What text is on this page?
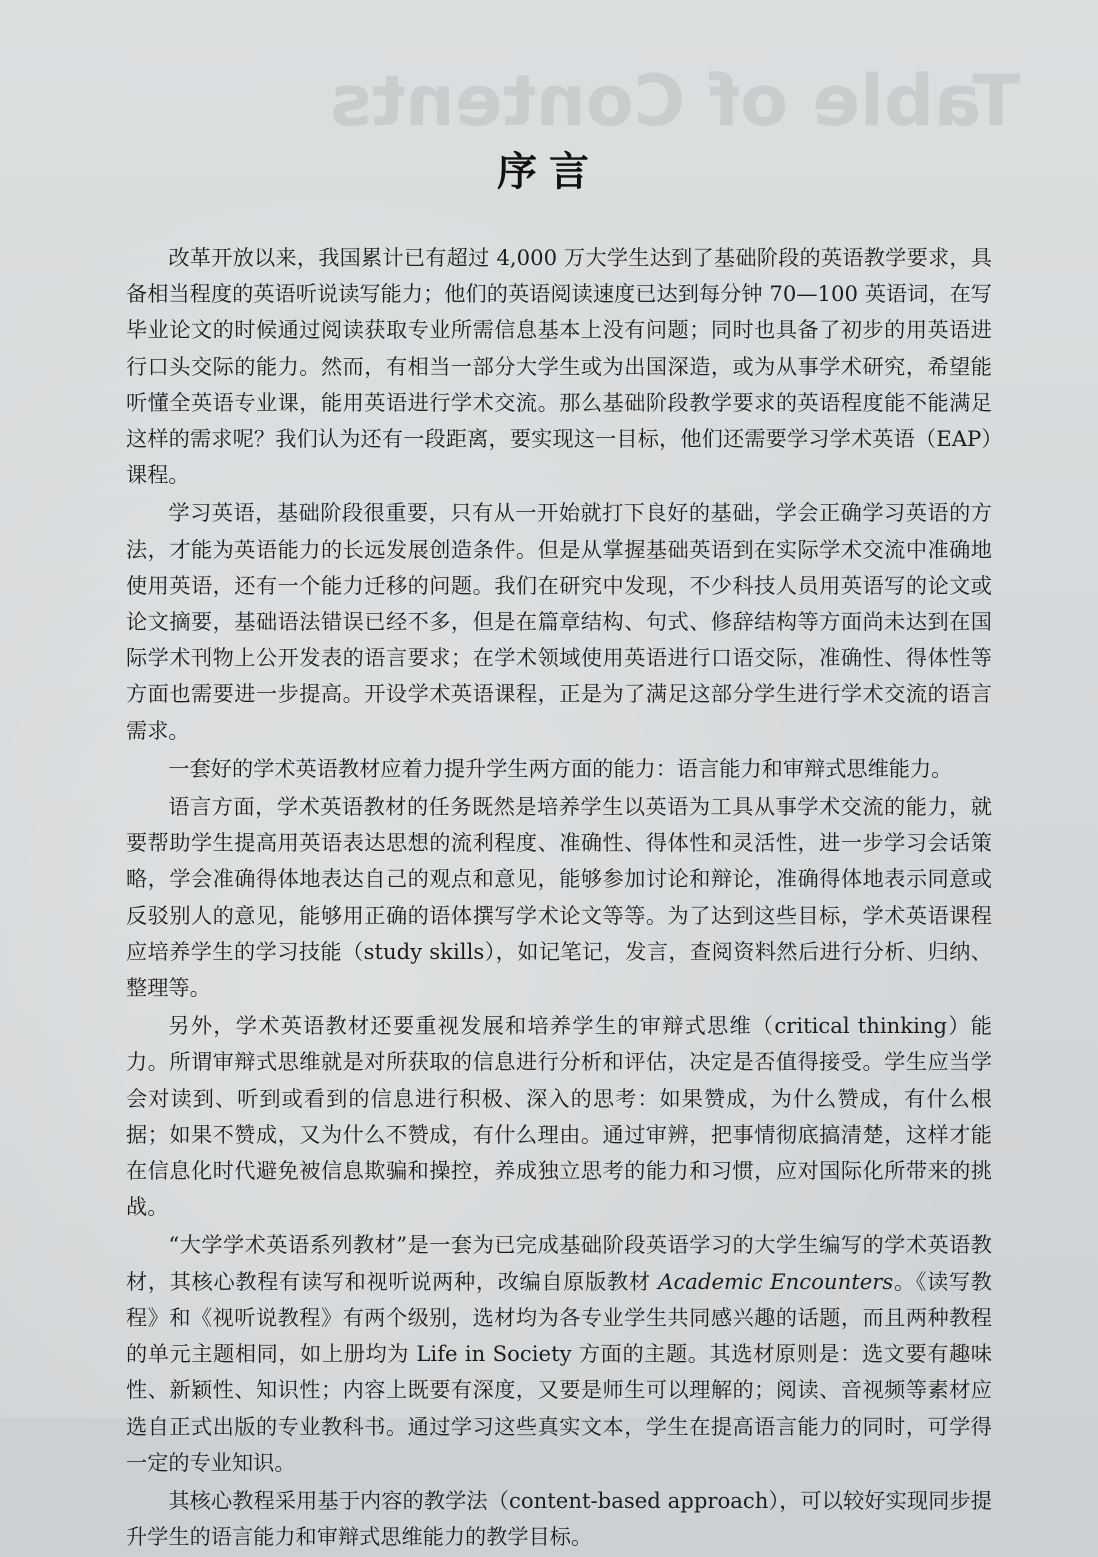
Table of Contents
序言

改革开放以来，我国累计已有超过 4,000 万大学生达到了基础阶段的英语教学要求，具备相当程度的英语听说读写能力；他们的英语阅读速度已达到每分钟 70—100 英语词，在写毕业论文的时候通过阅读获取专业所需信息基本上没有问题；同时也具备了初步的用英语进行口头交际的能力。然而，有相当一部分大学生或为出国深造，或为从事学术研究，希望能听懂全英语专业课，能用英语进行学术交流。那么基础阶段教学要求的英语程度能不能满足这样的需求呢？我们认为还有一段距离，要实现这一目标，他们还需要学习学术英语（EAP）课程。

学习英语，基础阶段很重要，只有从一开始就打下良好的基础，学会正确学习英语的方法，才能为英语能力的长远发展创造条件。但是从掌握基础英语到在实际学术交流中准确地使用英语，还有一个能力迁移的问题。我们在研究中发现，不少科技人员用英语写的论文或论文摘要，基础语法错误已经不多，但是在篇章结构、句式、修辞结构等方面尚未达到在国际学术刊物上公开发表的语言要求；在学术领域使用英语进行口语交际，准确性、得体性等方面也需要进一步提高。开设学术英语课程，正是为了满足这部分学生进行学术交流的语言需求。

一套好的学术英语教材应着力提升学生两方面的能力：语言能力和审辩式思维能力。

语言方面，学术英语教材的任务既然是培养学生以英语为工具从事学术交流的能力，就要帮助学生提高用英语表达思想的流利程度、准确性、得体性和灵活性，进一步学习会话策略，学会准确得体地表达自己的观点和意见，能够参加讨论和辩论，准确得体地表示同意或反驳别人的意见，能够用正确的语体撰写学术论文等等。为了达到这些目标，学术英语课程应培养学生的学习技能（study skills），如记笔记，发言，查阅资料然后进行分析、归纳、整理等。

另外，学术英语教材还要重视发展和培养学生的审辩式思维（critical thinking）能力。所谓审辩式思维就是对所获取的信息进行分析和评估，决定是否值得接受。学生应当学会对读到、听到或看到的信息进行积极、深入的思考：如果赞成，为什么赞成，有什么根据；如果不赞成，又为什么不赞成，有什么理由。通过审辨，把事情彻底搞清楚，这样才能在信息化时代避免被信息欺骗和操控，养成独立思考的能力和习惯，应对国际化所带来的挑战。

“大学学术英语系列教材”是一套为已完成基础阶段英语学习的大学生编写的学术英语教材，其核心教程有读写和视听说两种，改编自原版教材 Academic Encounters。《读写教程》和《视听说教程》有两个级别，选材均为各专业学生共同感兴趣的话题，而且两种教程的单元主题相同，如上册均为 Life in Society 方面的主题。其选材原则是：选文要有趣味性、新颖性、知识性；内容上既要有深度，又要是师生可以理解的；阅读、音视频等素材应选自正式出版的专业教科书。通过学习这些真实文本，学生在提高语言能力的同时，可学得一定的专业知识。

其核心教程采用基于内容的教学法（content-based approach），可以较好实现同步提升学生的语言能力和审辩式思维能力的教学目标。
